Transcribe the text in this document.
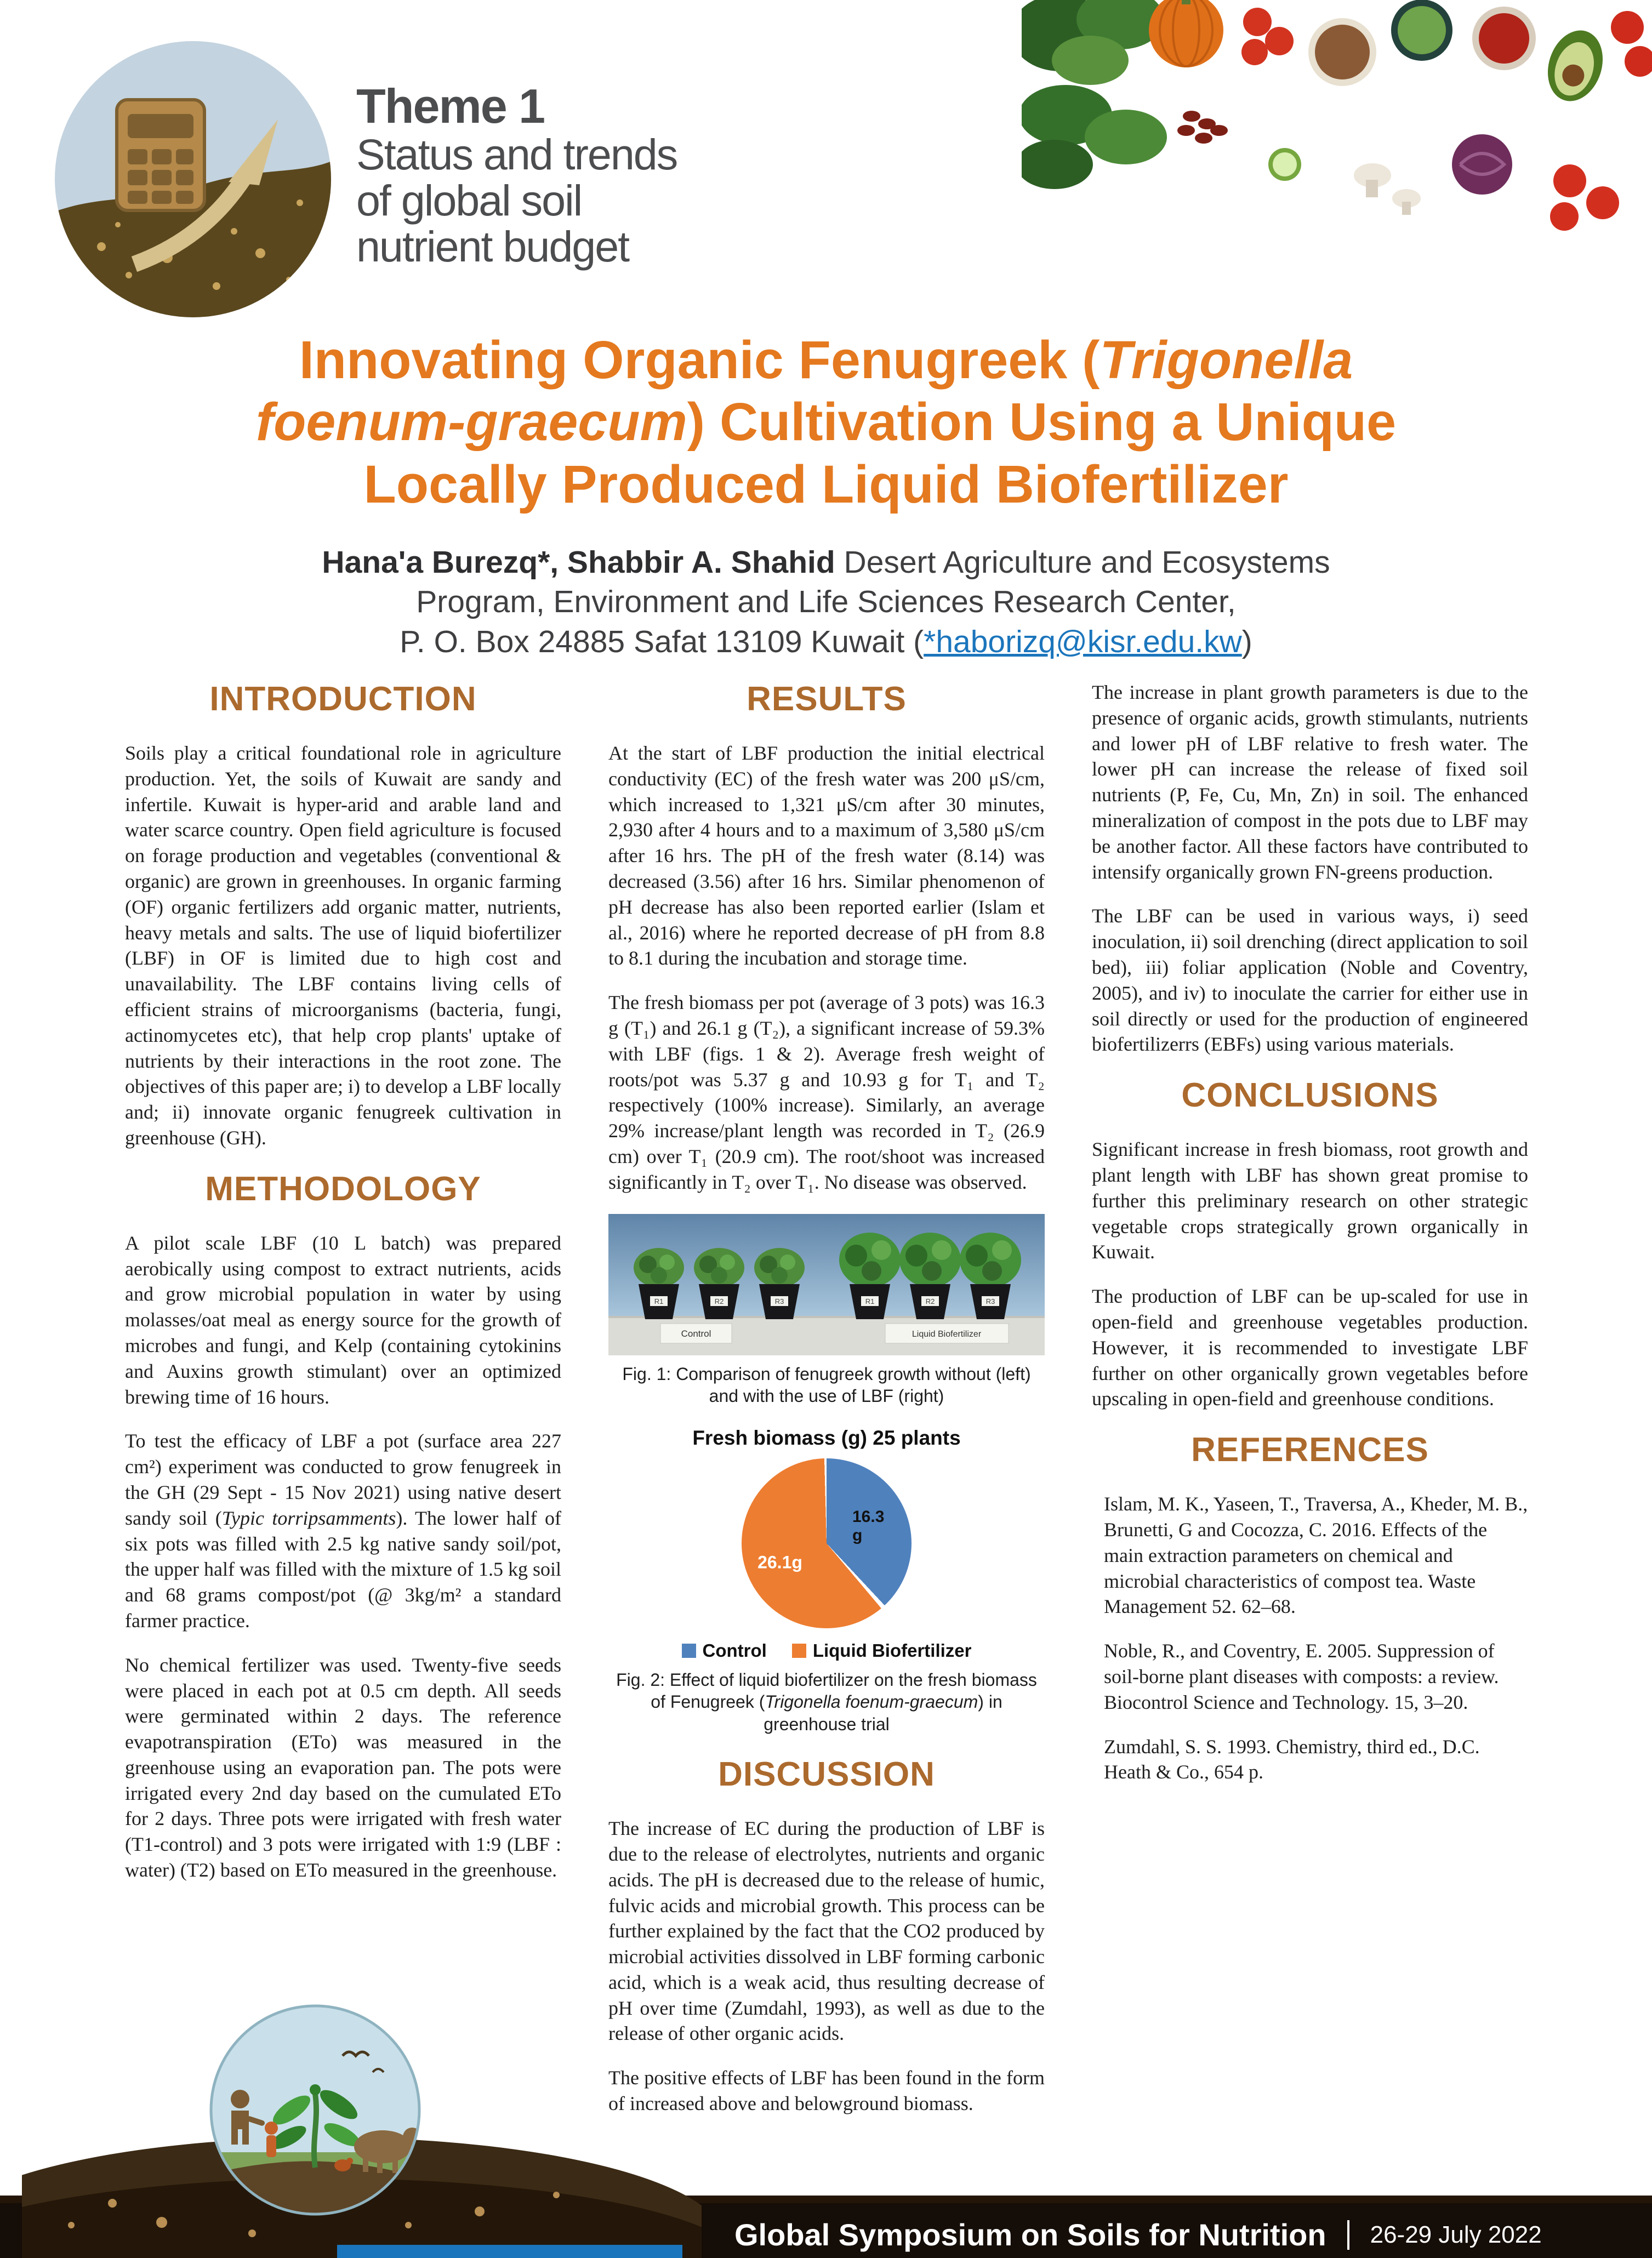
Theme 1
Status and trends
of global soil
nutrient budget
Innovating Organic Fenugreek (Trigonella
foenum-graecum) Cultivation Using a Unique
Locally Produced Liquid Biofertilizer
Hana'a Burezq*, Shabbir A. Shahid Desert Agriculture and Ecosystems
Program, Environment and Life Sciences Research Center,
P. O. Box 24885 Safat 13109 Kuwait (*haborizq@kisr.edu.kw)
INTRODUCTION

Soils play a critical foundational role in agriculture production. Yet, the soils of Kuwait are sandy and infertile. Kuwait is hyper-arid and arable land and water scarce country. Open field agriculture is focused on forage production and vegetables (conventional & organic) are grown in greenhouses. In organic farming (OF) organic fertilizers add organic matter, nutrients, heavy metals and salts. The use of liquid biofertilizer (LBF) in OF is limited due to high cost and unavailability. The LBF contains living cells of efficient strains of microorganisms (bacteria, fungi, actinomycetes etc), that help crop plants' uptake of nutrients by their interactions in the root zone. The objectives of this paper are; i) to develop a LBF locally and; ii) innovate organic fenugreek cultivation in greenhouse (GH).

METHODOLOGY

A pilot scale LBF (10 L batch) was prepared aerobically using compost to extract nutrients, acids and grow microbial population in water by using molasses/oat meal as energy source for the growth of microbes and fungi, and Kelp (containing cytokinins and Auxins growth stimulant) over an optimized brewing time of 16 hours.

To test the efficacy of LBF a pot (surface area 227 cm²) experiment was conducted to grow fenugreek in the GH (29 Sept - 15 Nov 2021) using native desert sandy soil (Typic torripsamments). The lower half of six pots was filled with 2.5 kg native sandy soil/pot, the upper half was filled with the mixture of 1.5 kg soil and 68 grams compost/pot (@ 3kg/m² a standard farmer practice.

No chemical fertilizer was used. Twenty-five seeds were placed in each pot at 0.5 cm depth. All seeds were germinated within 2 days. The reference evapotranspiration (ETo) was measured in the greenhouse using an evaporation pan. The pots were irrigated every 2nd day based on the cumulated ETo for 2 days. Three pots were irrigated with fresh water (T1-control) and 3 pots were irrigated with 1:9 (LBF : water) (T2) based on ETo measured in the greenhouse.

RESULTS

At the start of LBF production the initial electrical conductivity (EC) of the fresh water was 200 μS/cm, which increased to 1,321 μS/cm after 30 minutes, 2,930 after 4 hours and to a maximum of 3,580 μS/cm after 16 hrs. The pH of the fresh water (8.14) was decreased (3.56) after 16 hrs. Similar phenomenon of pH decrease has also been reported earlier (Islam et al., 2016) where he reported decrease of pH from 8.8 to 8.1 during the incubation and storage time.

The fresh biomass per pot (average of 3 pots) was 16.3 g (T₁) and 26.1 g (T₂), a significant increase of 59.3% with LBF (figs. 1 & 2). Average fresh weight of roots/pot was 5.37 g and 10.93 g for T₁ and T₂ respectively (100% increase). Similarly, an average 29% increase/plant length was recorded in T₂ (26.9 cm) over T₁ (20.9 cm). The root/shoot was increased significantly in T₂ over T₁. No disease was observed.

R1	R2	R3	R1	R2	R3
Control	Liquid Biofertilizer
Fig. 1: Comparison of fenugreek growth without (left) and with the use of LBF (right)
Fresh biomass (g) 25 plants
16.3 g
26.1g
Control	Liquid Biofertilizer
Fig. 2: Effect of liquid biofertilizer on the fresh biomass of Fenugreek (Trigonella foenum-graecum) in greenhouse trial
DISCUSSION

The increase of EC during the production of LBF is due to the release of electrolytes, nutrients and organic acids. The pH is decreased due to the release of humic, fulvic acids and microbial growth. This process can be further explained by the fact that the CO2 produced by microbial activities dissolved in LBF forming carbonic acid, which is a weak acid, thus resulting decrease of pH over time (Zumdahl, 1993), as well as due to the release of other organic acids.

The positive effects of LBF has been found in the form of increased above and belowground biomass.

The increase in plant growth parameters is due to the presence of organic acids, growth stimulants, nutrients and lower pH of LBF relative to fresh water. The lower pH can increase the release of fixed soil nutrients (P, Fe, Cu, Mn, Zn) in soil. The enhanced mineralization of compost in the pots due to LBF may be another factor. All these factors have contributed to intensify organically grown FN-greens production.

The LBF can be used in various ways, i) seed inoculation, ii) soil drenching (direct application to soil bed), iii) foliar application (Noble and Coventry, 2005), and iv) to inoculate the carrier for either use in soil directly or used for the production of engineered biofertilizerrs (EBFs) using various materials.

CONCLUSIONS

Significant increase in fresh biomass, root growth and plant length with LBF has shown great promise to further this preliminary research on other strategic vegetable crops strategically grown organically in Kuwait.

The production of LBF can be up-scaled for use in open-field and greenhouse vegetables production. However, it is recommended to investigate LBF further on other organically grown vegetables before upscaling in open-field and greenhouse conditions.

REFERENCES

Islam, M. K., Yaseen, T., Traversa, A., Kheder, M. B., Brunetti, G and Cocozza, C. 2016. Effects of the main extraction parameters on chemical and microbial characteristics of compost tea. Waste Management 52. 62–68.

Noble, R., and Coventry, E. 2005. Suppression of soil-borne plant diseases with composts: a review. Biocontrol Science and Technology. 15, 3–20.

Zumdahl, S. S. 1993. Chemistry, third ed., D.C. Heath & Co., 654 p.

Global Symposium on Soils for Nutrition 26-29 July 2022
